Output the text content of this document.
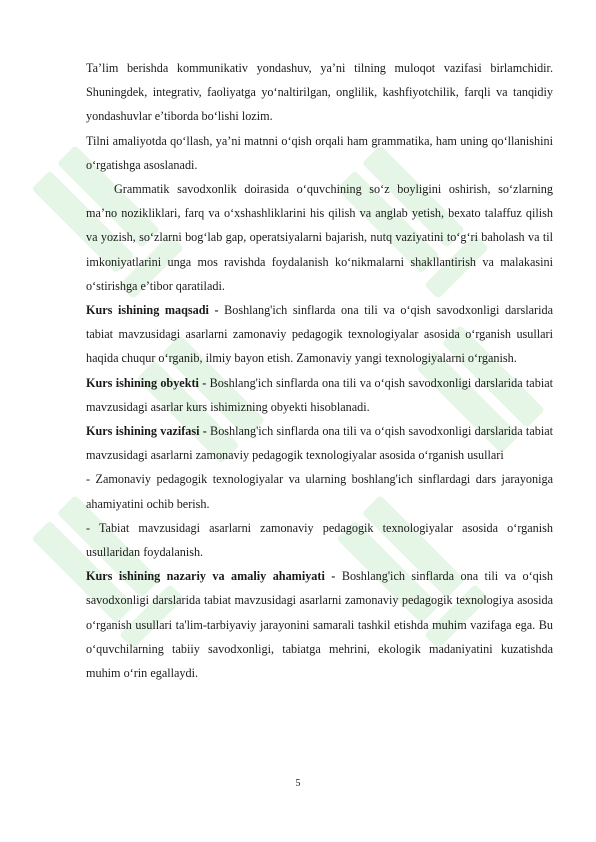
Ta’lim berishda kommunikativ yondashuv, ya’ni tilning muloqot vazifasi birlamchidir. Shuningdek, integrativ, faoliyatga yo‘naltirilgan, onglilik, kashfiyotchilik, farqli va tanqidiy yondashuvlar e’tiborda bo‘lishi lozim.

Tilni amaliyotda qo‘llash, ya’ni matnni o‘qish orqali ham grammatika, ham uning qo‘llanishini o‘rgatishga asoslanadi.

Grammatik savodxonlik doirasida o‘quvchining so‘z boyligini oshirish, so‘zlarning ma’no nozikliklari, farq va o‘xshashliklarini his qilish va anglab yetish, bexato talaffuz qilish va yozish, so‘zlarni bog‘lab gap, operatsiyalarni bajarish, nutq vaziyatini to‘g‘ri baholash va til imkoniyatlarini unga mos ravishda foydalanish ko‘nikmalarni shakllantirish va malakasini o‘stirishga e’tibor qaratiladi.

Kurs ishining maqsadi - Boshlang'ich sinflarda ona tili va o‘qish savodxonligi darslarida tabiat mavzusidagi asarlarni zamonaviy pedagogik texnologiyalar asosida o‘rganish usullari haqida chuqur o‘rganib, ilmiy bayon etish. Zamonaviy yangi texnologiyalarni o‘rganish.

Kurs ishining obyekti - Boshlang'ich sinflarda ona tili va o‘qish savodxonligi darslarida tabiat mavzusidagi asarlar kurs ishimizning obyekti hisoblanadi.

Kurs ishining vazifasi - Boshlang'ich sinflarda ona tili va o‘qish savodxonligi darslarida tabiat mavzusidagi asarlarni zamonaviy pedagogik texnologiyalar asosida o‘rganish usullari

- Zamonaviy pedagogik texnologiyalar va ularning boshlang'ich sinflardagi dars jarayoniga ahamiyatini ochib berish.

- Tabiat mavzusidagi asarlarni zamonaviy pedagogik texnologiyalar asosida o‘rganish usullaridan foydalanish.

Kurs ishining nazariy va amaliy ahamiyati - Boshlang'ich sinflarda ona tili va o‘qish savodxonligi darslarida tabiat mavzusidagi asarlarni zamonaviy pedagogik texnologiya asosida o‘rganish usullari ta'lim-tarbiyaviy jarayonini samarali tashkil etishda muhim vazifaga ega. Bu o‘quvchilarning tabiiy savodxonligi, tabiatga mehrini, ekologik madaniyatini kuzatishda muhim o‘rin egallaydi.

5
